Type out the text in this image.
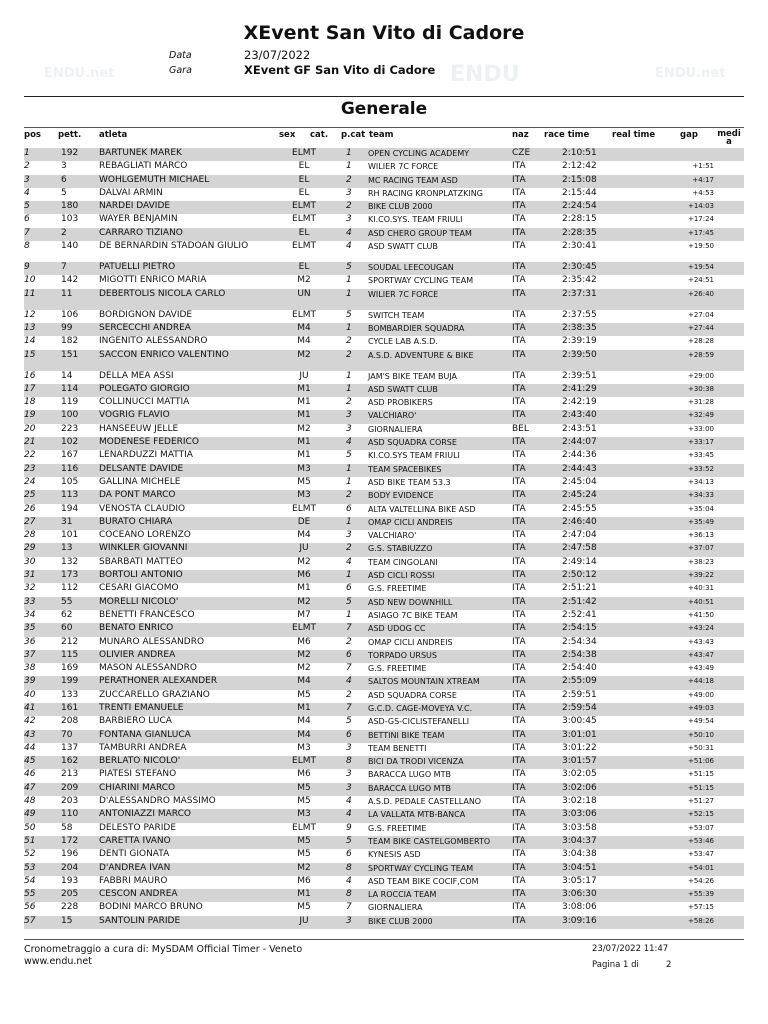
ENDU.net	ENDU	ENDU.net
XEvent San Vito di Cadore
Data	23/07/2022
Gara	XEvent GF San Vito di Cadore
Generale
pos pett. atleta	sex cat. p.cat team	naz race time	real time	gap media
1	192 BARTUNEK MAREK	ELMT	1 OPEN CYCLING ACADEMY	CZE	2:10:51
2	3	REBAGLIATI MARCO	EL	1 WILIER 7C FORCE	ITA	2:12:42	+1:51
3	6	WOHLGEMUTH MICHAEL	EL	2 MC RACING TEAM ASD	ITA	2:15:08	+4:17
4	5	DALVAI ARMIN	EL	3 RH RACING KRONPLATZKING	ITA	2:15:44	+4:53
5	180 NARDEI DAVIDE	ELMT	2 BIKE CLUB 2000	ITA	2:24:54	+14:03
6	103 WAYER BENJAMIN	ELMT	3 KI.CO.SYS. TEAM FRIULI	ITA	2:28:15	+17:24
7	2	CARRARO TIZIANO	EL	4 ASD CHERO GROUP TEAM	ITA	2:28:35	+17:45
8	140 DE BERNARDIN STADOAN GIULIO	ELMT	4 ASD SWATT CLUB	ITA	2:30:41	+19:50
9	7	PATUELLI PIETRO	EL	5 SOUDAL LEECOUGAN	ITA	2:30:45	+19:54
10	142 MIGOTTI ENRICO MARIA	M2	1 SPORTWAY CYCLING TEAM	ITA	2:35:42	+24:51
11	11	DEBERTOLIS NICOLA CARLO	UN	1 WILIER 7C FORCE	ITA	2:37:31	+26:40
12	106 BORDIGNON DAVIDE	ELMT	5 SWITCH TEAM	ITA	2:37:55	+27:04
13	99	SERCECCHI ANDREA	M4	1 BOMBARDIER SQUADRA	ITA	2:38:35	+27:44
14	182 INGENITO ALESSANDRO	M4	2 CYCLE LAB A.S.D.	ITA	2:39:19	+28:28
15	151 SACCON ENRICO VALENTINO	M2	2 A.S.D. ADVENTURE & BIKE	ITA	2:39:50	+28:59
16	14	DELLA MEA ASSI	JU	1 JAM'S BIKE TEAM BUJA	ITA	2:39:51	+29:00
17	114 POLEGATO GIORGIO	M1	1 ASD SWATT CLUB	ITA	2:41:29	+30:38
18	119 COLLINUCCI MATTIA	M1	2 ASD PROBIKERS	ITA	2:42:19	+31:28
19	100 VOGRIG FLAVIO	M1	3 VALCHIARO'	ITA	2:43:40	+32:49
20	223 HANSEEUW JELLE	M2	3 GIORNALIERA	BEL	2:43:51	+33:00
21	102 MODENESE FEDERICO	M1	4 ASD SQUADRA CORSE	ITA	2:44:07	+33:17
22	167 LENARDUZZI MATTIA	M1	5 KI.CO.SYS TEAM FRIULI	ITA	2:44:36	+33:45
23	116 DELSANTE DAVIDE	M3	1 TEAM SPACEBIKES	ITA	2:44:43	+33:52
24	105 GALLINA MICHELE	M5	1 ASD BIKE TEAM 53.3	ITA	2:45:04	+34:13
25	113 DA PONT MARCO	M3	2 BODY EVIDENCE	ITA	2:45:24	+34:33
26	194 VENOSTA CLAUDIO	ELMT	6 ALTA VALTELLINA BIKE ASD	ITA	2:45:55	+35:04
27	31	BURATO CHIARA	DE	1 OMAP CICLI ANDREIS	ITA	2:46:40	+35:49
28	101 COCEANO LORENZO	M4	3 VALCHIARO'	ITA	2:47:04	+36:13
29	13	WINKLER GIOVANNI	JU	2 G.S. STABIUZZO	ITA	2:47:58	+37:07
30	132 SBARBATI MATTEO	M2	4 TEAM CINGOLANI	ITA	2:49:14	+38:23
31	173 BORTOLI ANTONIO	M6	1 ASD CICLI ROSSI	ITA	2:50:12	+39:22
32	112 CESARI GIACOMO	M1	6 G.S. FREETIME	ITA	2:51:21	+40:31
33	55	MORELLI NICOLO'	M2	5 ASD NEW DOWNHILL	ITA	2:51:42	+40:51
34	62	BENETTI FRANCESCO	M7	1 ASIAGO 7C BIKE TEAM	ITA	2:52:41	+41:50
35	60	BENATO ENRICO	ELMT	7 ASD UDOG CC	ITA	2:54:15	+43:24
36	212 MUNARO ALESSANDRO	M6	2 OMAP CICLI ANDREIS	ITA	2:54:34	+43:43
37	115 OLIVIER ANDREA	M2	6 TORPADO URSUS	ITA	2:54:38	+43:47
38	169 MASON ALESSANDRO	M2	7 G.S. FREETIME	ITA	2:54:40	+43:49
39	199 PERATHONER ALEXANDER	M4	4 SALTOS MOUNTAIN XTREAM	ITA	2:55:09	+44:18
40	133 ZUCCARELLO GRAZIANO	M5	2 ASD SQUADRA CORSE	ITA	2:59:51	+49:00
41	161 TRENTI EMANUELE	M1	7 G.C.D. CAGE-MOVEYA V.C.	ITA	2:59:54	+49:03
42	208 BARBIERO LUCA	M4	5 ASD-GS-CICLISTEFANELLI	ITA	3:00:45	+49:54
43	70	FONTANA GIANLUCA	M4	6 BETTINI BIKE TEAM	ITA	3:01:01	+50:10
44	137 TAMBURRI ANDREA	M3	3 TEAM BENETTI	ITA	3:01:22	+50:31
45	162 BERLATO NICOLO'	ELMT	8 BICI DA TRODI VICENZA	ITA	3:01:57	+51:06
46	213 PIATESI STEFANO	M6	3 BARACCA LUGO MTB	ITA	3:02:05	+51:15
47	209 CHIARINI MARCO	M5	3 BARACCA LUGO MTB	ITA	3:02:06	+51:15
48	203 D'ALESSANDRO MASSIMO	M5	4 A.S.D. PEDALE CASTELLANO	ITA	3:02:18	+51:27
49	110 ANTONIAZZI MARCO	M3	4 LA VALLATA MTB-BANCA	ITA	3:03:06	+52:15
50	58	DELESTO PARIDE	ELMT	9 G.S. FREETIME	ITA	3:03:58	+53:07
51	172 CARETTA IVANO	M5	5 TEAM BIKE CASTELGOMBERTO ITA	3:04:37	+53:46
52	196 DENTI GIONATA	M5	6 KYNESIS ASD	ITA	3:04:38	+53:47
53	204 D'ANDREA IVAN	M2	8 SPORTWAY CYCLING TEAM	ITA	3:04:51	+54:01
54	193 FABBRI MAURO	M6	4 ASD TEAM BIKE COCIF,COM	ITA	3:05:17	+54:26
55	205 CESCON ANDREA	M1	8 LA ROCCIA TEAM	ITA	3:06:30	+55:39
56	228 BODINI MARCO BRUNO	M5	7 GIORNALIERA	ITA	3:08:06	+57:15
57	15	SANTOLIN PARIDE	JU	3 BIKE CLUB 2000	ITA	3:09:16	+58:26
Cronometraggio a cura di: MySDAM Official Timer - Veneto
www.endu.net
23/07/2022 11:47
Pagina 1 di	2
